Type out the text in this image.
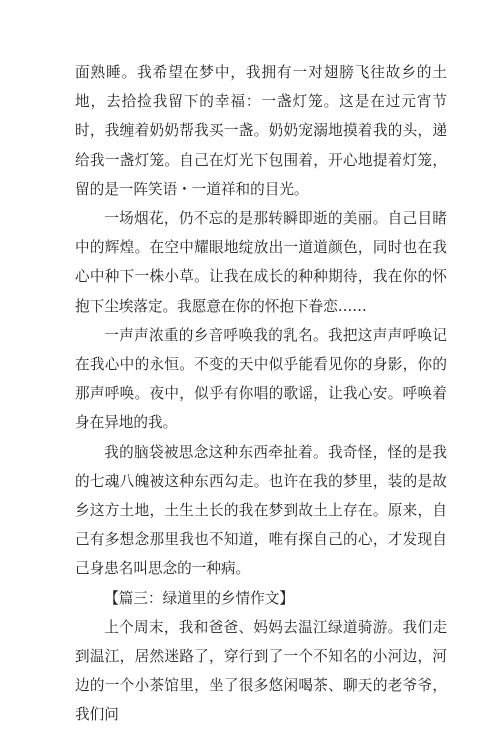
面熟睡。我希望在梦中，我拥有一对翅膀飞往故乡的土地，去拾捡我留下的幸福：一盏灯笼。这是在过元宵节时，我缠着奶奶帮我买一盏。奶奶宠溺地摸着我的头，递给我一盏灯笼。自己在灯光下包围着，开心地提着灯笼，留的是一阵笑语・一道祥和的目光。

一场烟花，仍不忘的是那转瞬即逝的美丽。自己目睹中的辉煌。在空中耀眼地绽放出一道道颜色，同时也在我心中种下一株小草。让我在成长的种种期待，我在你的怀抱下尘埃落定。我愿意在你的怀抱下眷恋……

一声声浓重的乡音呼唤我的乳名。我把这声声呼唤记在我心中的永恒。不变的天中似乎能看见你的身影，你的那声呼唤。夜中，似乎有你唱的歌谣，让我心安。呼唤着身在异地的我。

我的脑袋被思念这种东西牵扯着。我奇怪，怪的是我的七魂八魄被这种东西勾走。也许在我的梦里，装的是故乡这方土地，土生土长的我在梦到故土上存在。原来，自己有多想念那里我也不知道，唯有探自己的心，才发现自己身患名叫思念的一种病。

【篇三：绿道里的乡情作文】

上个周末，我和爸爸、妈妈去温江绿道骑游。我们走到温江，居然迷路了，穿行到了一个不知名的小河边，河边的一个小茶馆里，坐了很多悠闲喝茶、聊天的老爷爷，我们问
